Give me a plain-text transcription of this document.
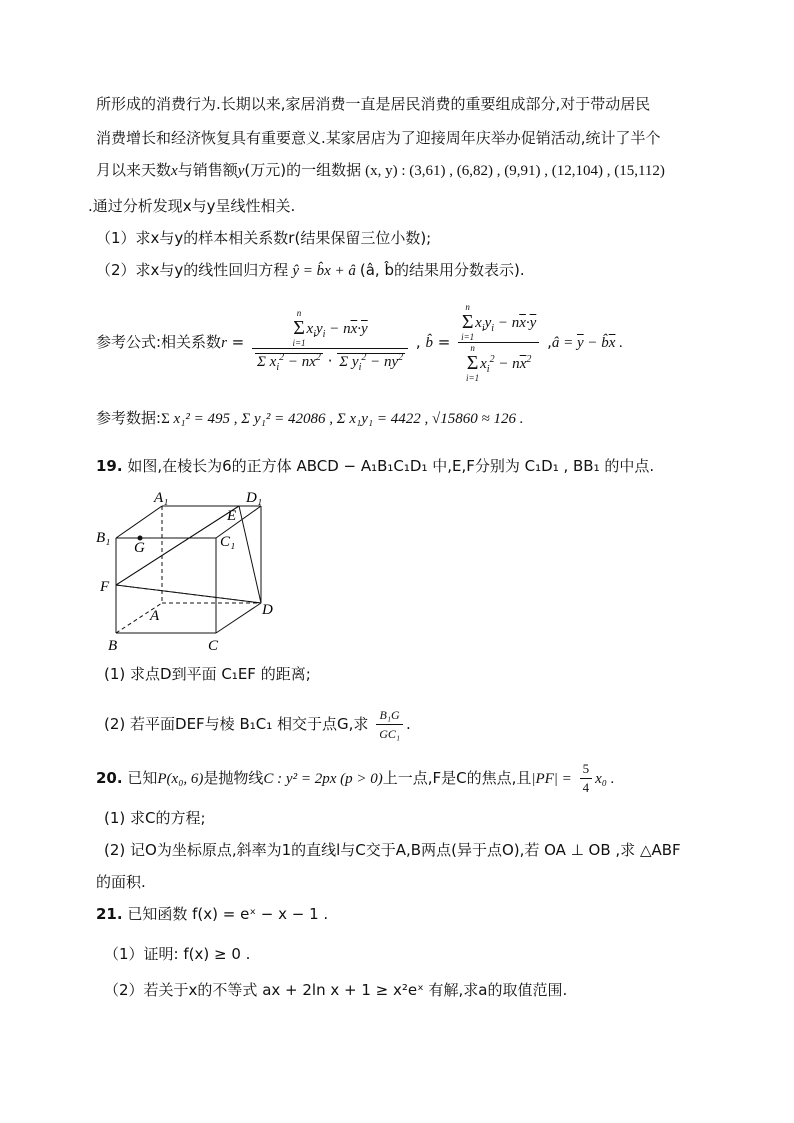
所形成的消费行为.长期以来,家居消费一直是居民消费的重要组成部分,对于带动居民
消费增长和经济恢复具有重要意义.某家居店为了迎接周年庆举办促销活动,统计了半个
月以来天数x与销售额y(万元)的一组数据 (x, y) : (3,61) , (6,82) , (9,91) , (12,104) , (15,112)
.通过分析发现x与y呈线性相关.
（1）求x与y的样本相关系数r(结果保留三位小数);
（2）求x与y的线性回归方程 ŷ = b̂x + â (â, b̂的结果用分数表示).
参考公式:相关系数r = n
Σ
i=1
$x_iy_i - n\overline{x}\cdot\overline{y}$
Σ $x_i^2 - n\overline{x}^2 \cdot \Sigma$ $y_i^2 - n\overline{y}^2$ , b̂ = n
Σ
i=1
$x_iy_i - n\overline{x}\cdot\overline{y}$
n
Σ
i=1
$x_i^2 - n\overline{x}^2$ ,â = $\overline{y}$ − $b̂\overline{x}$ .
参考数据:Σ x₁² = 495 , Σ y₁² = 42086 , Σ x₁y₁ = 4422 , √15860 ≈ 126 .
19. 如图,在棱长为6的正方体 ABCD − A₁B₁C₁D₁ 中,E,F分别为 C₁D₁ , BB₁ 的中点.
A₁	D₁
B₁	C₁
E
G
F
A	D
B	C
(1) 求点D到平面 C₁EF 的距离;
(2) 若平面DEF与棱 B₁C₁ 相交于点G,求 $\frac{\text{B₁G}}{\text{GC₁}}$ .
20. 已知P(x₀, 6)是抛物线C : y² = 2px (p > 0)上一点,F是C的焦点,且$|PF| = \frac{5}{4} x_0$ .
(1) 求C的方程;
(2) 记O为坐标原点,斜率为1的直线l与C交于A,B两点(异于点O),若 OA ⊥ OB ,求 △ABF
的面积.
21. 已知函数 f(x) = eˣ − x − 1 .
（1）证明: f(x) ≥ 0 .
（2）若关于x的不等式 ax + 2ln x + 1 ≥ x²eˣ 有解,求a的取值范围.
